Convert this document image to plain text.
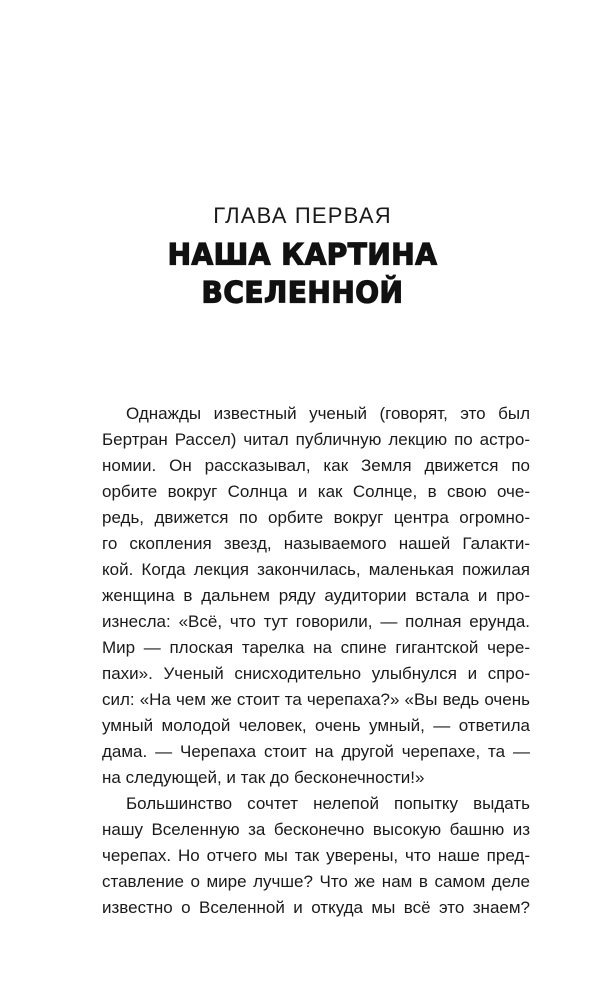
ГЛАВА ПЕРВАЯ
НАША КАРТИНА
ВСЕЛЕННОЙ
Однажды известный ученый (говорят, это был
Бертран Рассел) читал публичную лекцию по астро-
номии. Он рассказывал, как Земля движется по
орбите вокруг Солнца и как Солнце, в свою оче-
редь, движется по орбите вокруг центра огромно-
го скопления звезд, называемого нашей Галакти-
кой. Когда лекция закончилась, маленькая пожилая
женщина в дальнем ряду аудитории встала и про-
изнесла: «Всё, что тут говорили, — полная ерунда.
Мир — плоская тарелка на спине гигантской чере-
пахи». Ученый снисходительно улыбнулся и спро-
сил: «На чем же стоит та черепаха?» «Вы ведь очень
умный молодой человек, очень умный, — ответила
дама. — Черепаха стоит на другой черепахе, та —
на следующей, и так до бесконечности!»
Большинство сочтет нелепой попытку выдать
нашу Вселенную за бесконечно высокую башню из
черепах. Но отчего мы так уверены, что наше пред-
ставление о мире лучше? Что же нам в самом деле
известно о Вселенной и откуда мы всё это знаем?
